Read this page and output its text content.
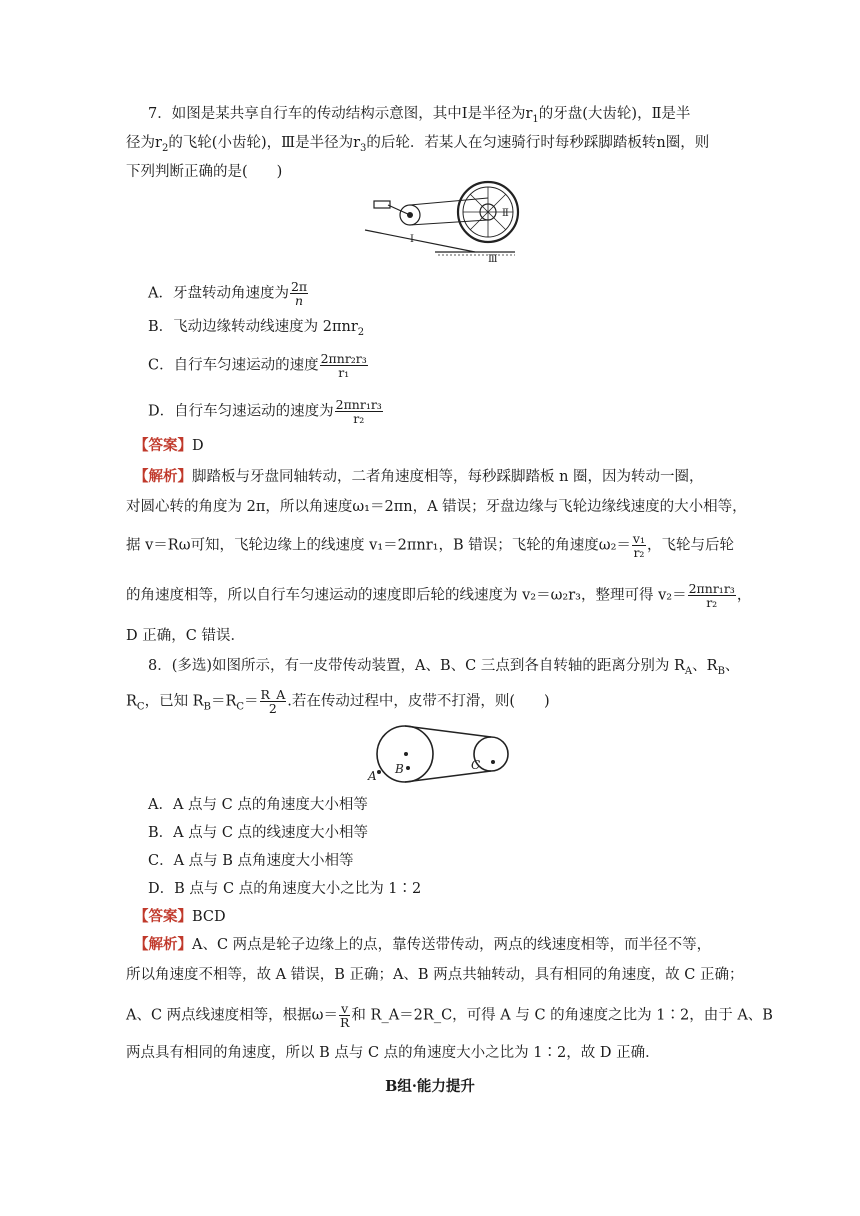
7．如图是某共享自行车的传动结构示意图，其中Ⅰ是半径为$r_1$的牙盘(大齿轮)，Ⅱ是半
径为$r_2$的飞轮(小齿轮)，Ⅲ是半径为$r_3$的后轮．若某人在匀速骑行时每秒踩脚踏板转n圈，则
下列判断正确的是(　　)
Ⅱ
Ⅰ
Ⅲ
A．牙盘转动角速度为 $\frac{2\pi}{n}$
B．飞动边缘转动线速度为 2πnr$_2$
C．自行车匀速运动的速度 $\frac{\text{2πnr₂r₃}}{\text{r₁}}$
D．自行车匀速运动的速度为 $\frac{\text{2πnr₁r₃}}{\text{r₂}}$
【答案】D
【解析】脚踏板与牙盘同轴转动，二者角速度相等，每秒踩脚踏板 n 圈，因为转动一圈，
对圆心转的角度为 2π，所以角速度ω₁＝2πn，A 错误；牙盘边缘与飞轮边缘线速度的大小相等，
据 v＝Rω可知，飞轮边缘上的线速度 v₁＝2πnr₁，B 错误；飞轮的角速度$\omega_2= \frac{\text{v₁}}{\text{r₂}}$ ，飞轮与后轮
的角速度相等，所以自行车匀速运动的速度即后轮的线速度为 v₂＝ω₂r₃，整理可得 $v_2= \frac{\text{2πnr₁r₃}}{\text{r₂}}$ ，
D 正确，C 错误．
8．(多选)如图所示，有一皮带传动装置，A、B、C 三点到各自转轴的距离分别为 $R_A$、$R_B$、
$R_C$，已知 $R_B=R_C= \frac{R\_A}{2}$ .若在传动过程中，皮带不打滑，则(　　)
A B	C
A．A 点与 C 点的角速度大小相等
B．A 点与 C 点的线速度大小相等
C．A 点与 B 点角速度大小相等
D．B 点与 C 点的角速度大小之比为 1∶2
【答案】BCD
【解析】A、C 两点是轮子边缘上的点，靠传送带传动，两点的线速度相等，而半径不等，
所以角速度不相等，故 A 错误，B 正确；A、B 两点共轴转动，具有相同的角速度，故 C 正确；
A、C 两点线速度相等，根据$\omega= \frac{v}{R}$ 和 R_A＝2R_C，可得 A 与 C 的角速度之比为 1∶2，由于 A、B
两点具有相同的角速度，所以 B 点与 C 点的角速度大小之比为 1∶2，故 D 正确．
B组·能力提升
